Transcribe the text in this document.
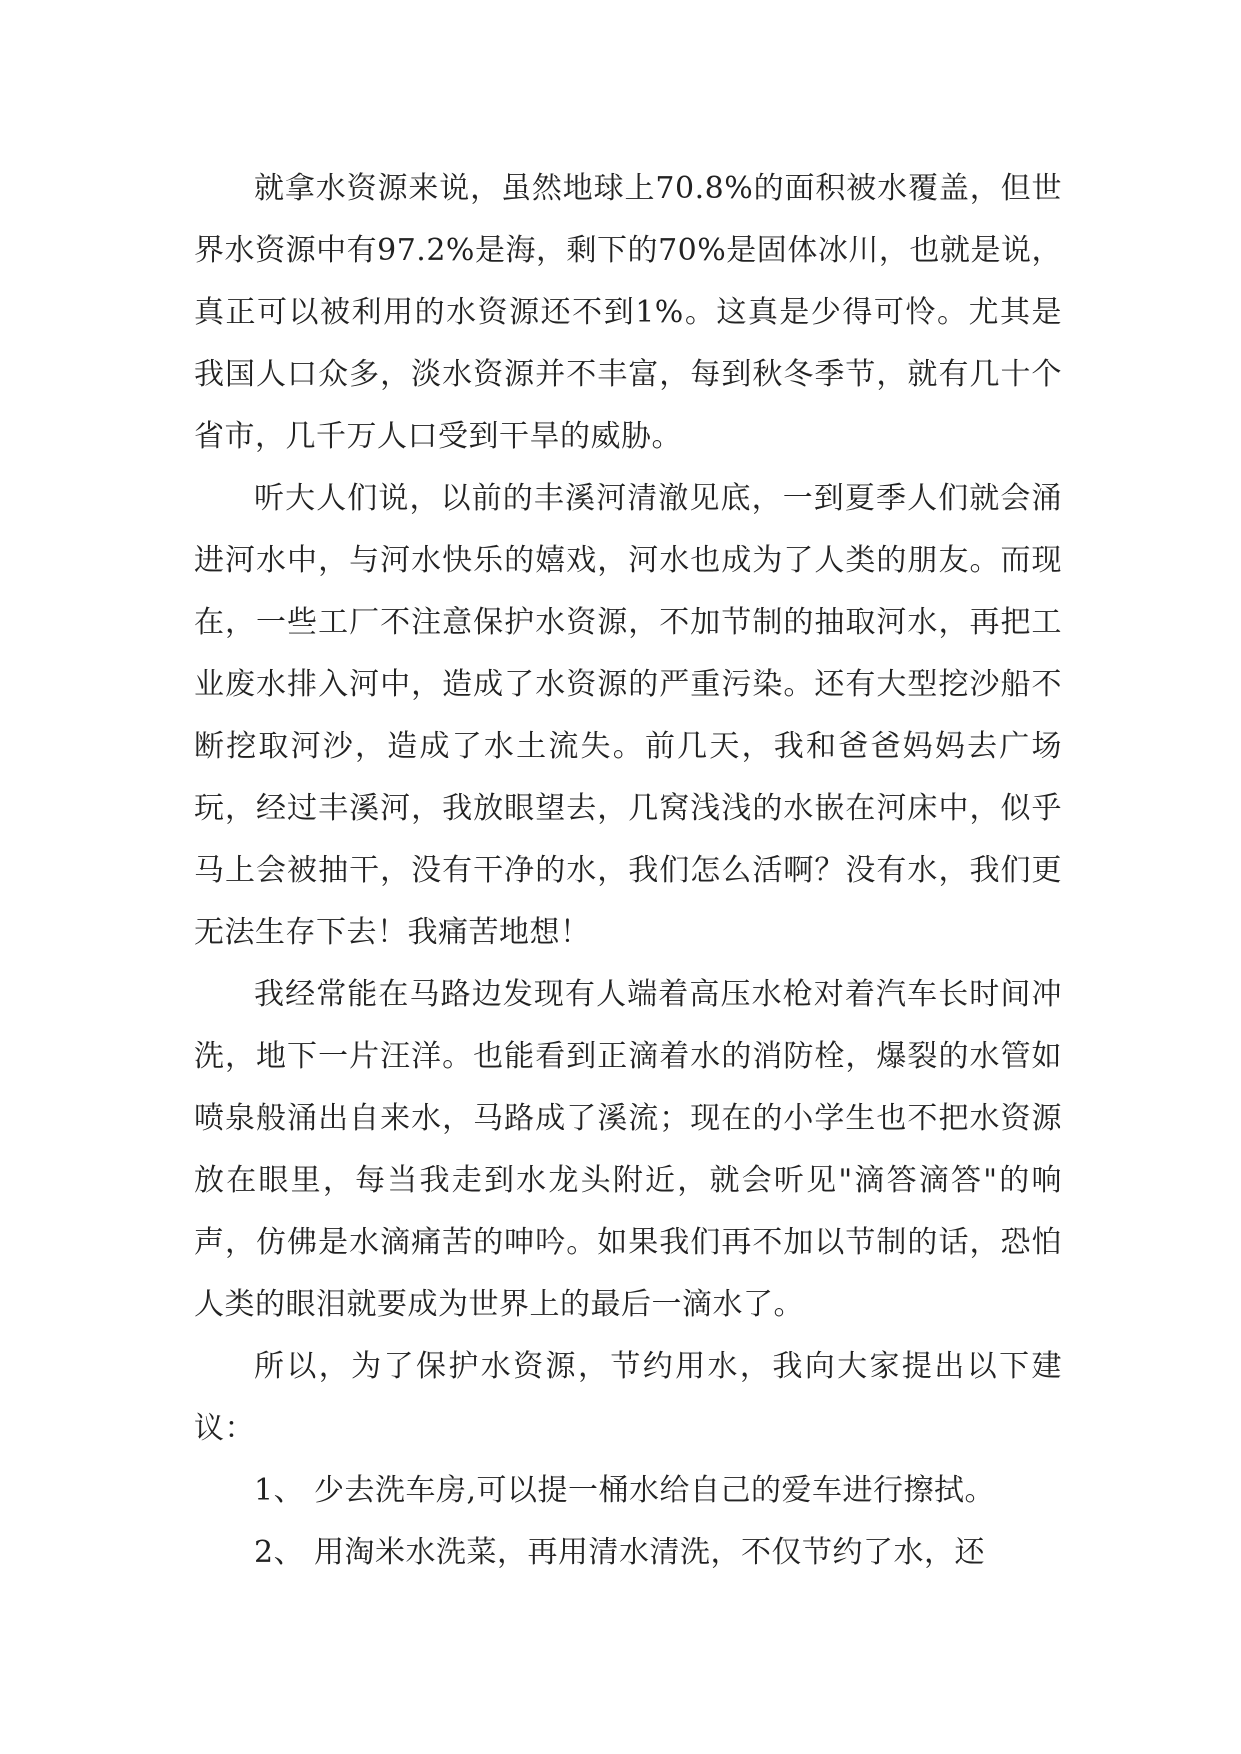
就拿水资源来说，虽然地球上70.8%的面积被水覆盖，但世界水资源中有97.2%是海，剩下的70%是固体冰川，也就是说，真正可以被利用的水资源还不到1%。这真是少得可怜。尤其是我国人口众多，淡水资源并不丰富，每到秋冬季节，就有几十个省市，几千万人口受到干旱的威胁。

听大人们说，以前的丰溪河清澈见底，一到夏季人们就会涌进河水中，与河水快乐的嬉戏，河水也成为了人类的朋友。而现在，一些工厂不注意保护水资源，不加节制的抽取河水，再把工业废水排入河中，造成了水资源的严重污染。还有大型挖沙船不断挖取河沙，造成了水土流失。前几天，我和爸爸妈妈去广场玩，经过丰溪河，我放眼望去，几窝浅浅的水嵌在河床中，似乎马上会被抽干，没有干净的水，我们怎么活啊？没有水，我们更无法生存下去！我痛苦地想！

我经常能在马路边发现有人端着高压水枪对着汽车长时间冲洗，地下一片汪洋。也能看到正滴着水的消防栓，爆裂的水管如喷泉般涌出自来水，马路成了溪流；现在的小学生也不把水资源放在眼里，每当我走到水龙头附近，就会听见"滴答滴答"的响声，仿佛是水滴痛苦的呻吟。如果我们再不加以节制的话，恐怕人类的眼泪就要成为世界上的最后一滴水了。

所以，为了保护水资源，节约用水，我向大家提出以下建议：

1、 少去洗车房,可以提一桶水给自己的爱车进行擦拭。
2、 用淘米水洗菜，再用清水清洗，不仅节约了水，还
